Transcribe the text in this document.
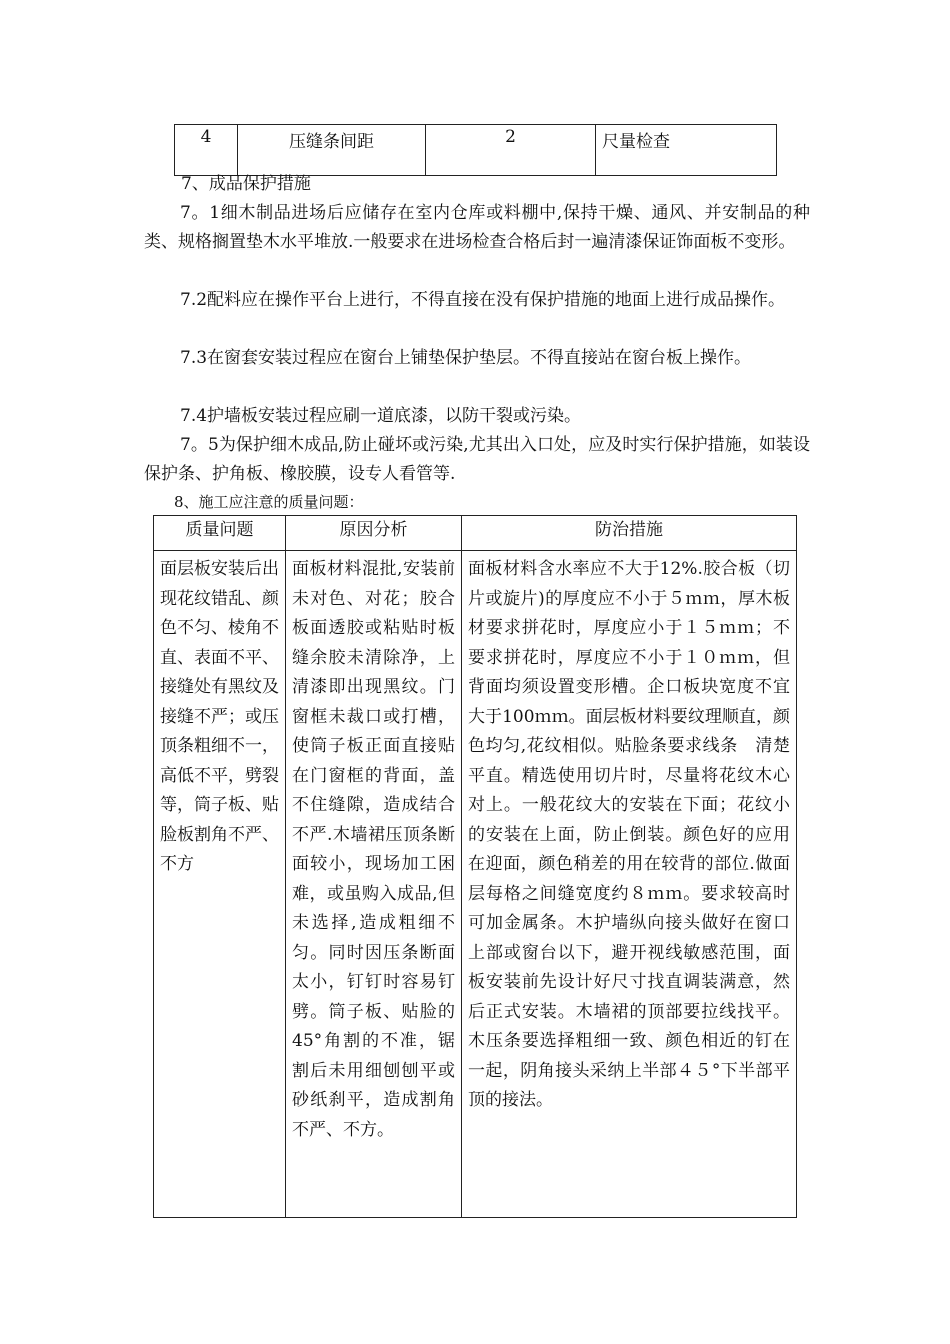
4	压缝条间距	2	尺量检查
7、成品保护措施
7。1细木制品进场后应储存在室内仓库或料棚中,保持干燥、通风、并安制品的种类、规格搁置垫木水平堆放.一般要求在进场检查合格后封一遍清漆保证饰面板不变形。
7.2配料应在操作平台上进行，不得直接在没有保护措施的地面上进行成品操作。
7.3在窗套安装过程应在窗台上铺垫保护垫层。不得直接站在窗台板上操作。
7.4护墙板安装过程应刷一道底漆，以防干裂或污染。
7。5为保护细木成品,防止碰坏或污染,尤其出入口处，应及时实行保护措施，如装设保护条、护角板、橡胶膜，设专人看管等.
8、施工应注意的质量问题：
质量问题	原因分析	防治措施
面层板安装后出现花纹错乱、颜色不匀、棱角不直、表面不平、接缝处有黑纹及接缝不严；或压顶条粗细不一，高低不平，劈裂等，筒子板、贴脸板割角不严、不方	面板材料混批,安装前未对色、对花；胶合板面透胶或粘贴时板缝余胶未清除净，上清漆即出现黑纹。门窗框未裁口或打槽，使筒子板正面直接贴在门窗框的背面，盖不住缝隙，造成结合不严.木墙裙压顶条断面较小，现场加工困难，或虽购入成品,但未选择,造成粗细不匀。同时因压条断面太小，钉钉时容易钉劈。筒子板、贴脸的45°角割的不准，锯割后未用细刨刨平或砂纸刹平，造成割角不严、不方。	面板材料含水率应不大于12%.胶合板（切片或旋片)的厚度应不小于５ｍｍ，厚木板材要求拼花时，厚度应小于１５ｍｍ；不要求拼花时，厚度应不小于１０ｍｍ，但背面均须设置变形槽。企口板块宽度不宜大于100ｍｍ。面层板材料要纹理顺直，颜色均匀,花纹相似。贴脸条要求线条　清楚平直。精选使用切片时，尽量将花纹木心对上。一般花纹大的安装在下面；花纹小的安装在上面，防止倒装。颜色好的应用在迎面，颜色稍差的用在较背的部位.做面层每格之间缝宽度约８ｍｍ。要求较高时可加金属条。木护墙纵向接头做好在窗口上部或窗台以下，避开视线敏感范围，面板安装前先设计好尺寸找直调装满意，然后正式安装。木墙裙的顶部要拉线找平。木压条要选择粗细一致、颜色相近的钉在一起，阴角接头采纳上半部４５°下半部平顶的接法。
